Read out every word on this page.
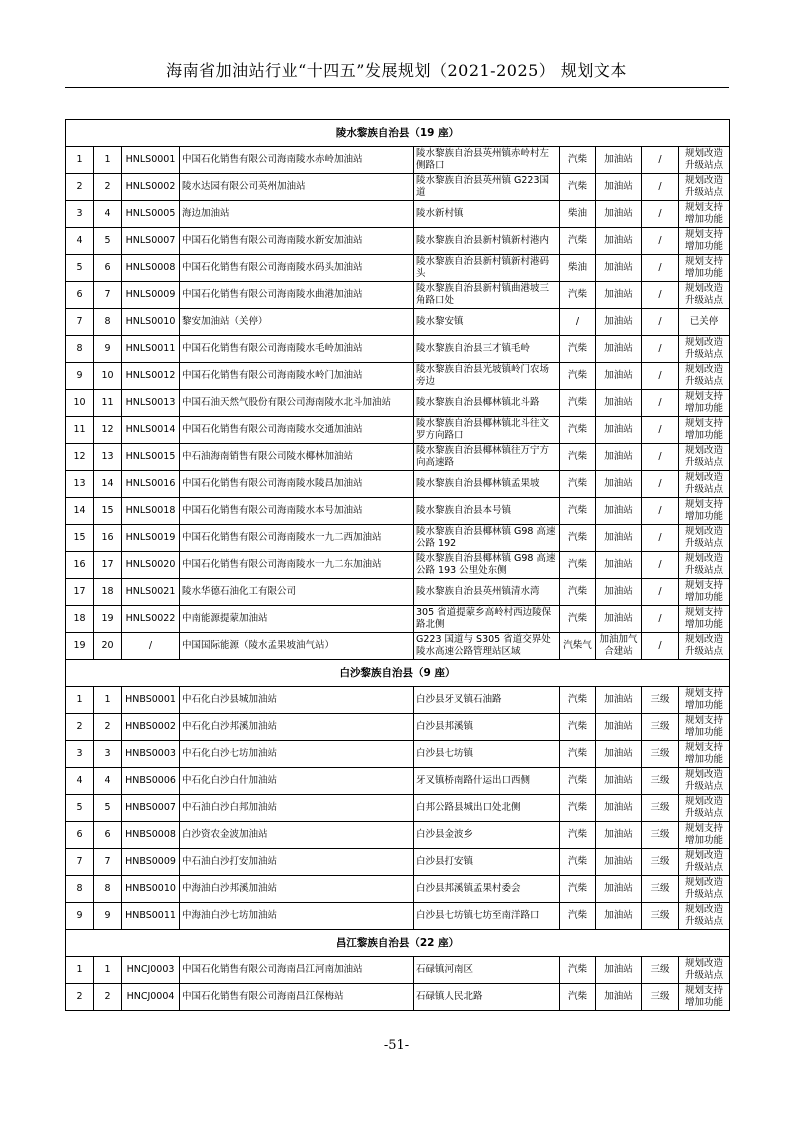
海南省加油站行业“十四五”发展规划（2021-2025） 规划文本
陵水黎族自治县（19 座）								
1	1	HNLS0001	中国石化销售有限公司海南陵水赤岭加油站	陵水黎族自治县英州镇赤岭村左侧路口	汽柴	加油站	/	规划改造升级站点
2	2	HNLS0002	陵水达园有限公司英州加油站	陵水黎族自治县英州镇 G223国道	汽柴	加油站	/	规划改造升级站点
3	4	HNLS0005	海边加油站	陵水新村镇	柴油	加油站	/	规划支持增加功能
4	5	HNLS0007	中国石化销售有限公司海南陵水新安加油站	陵水黎族自治县新村镇新村港内	汽柴	加油站	/	规划支持增加功能
5	6	HNLS0008	中国石化销售有限公司海南陵水码头加油站	陵水黎族自治县新村镇新村港码头	柴油	加油站	/	规划支持增加功能
6	7	HNLS0009	中国石化销售有限公司海南陵水曲港加油站	陵水黎族自治县新村镇曲港坡三角路口处	汽柴	加油站	/	规划改造升级站点
7	8	HNLS0010	黎安加油站（关停）	陵水黎安镇	/	加油站	/	已关停
8	9	HNLS0011	中国石化销售有限公司海南陵水毛岭加油站	陵水黎族自治县三才镇毛岭	汽柴	加油站	/	规划改造升级站点
9	10	HNLS0012	中国石化销售有限公司海南陵水岭门加油站	陵水黎族自治县光坡镇岭门农场旁边	汽柴	加油站	/	规划改造升级站点
10	11	HNLS0013	中国石油天然气股份有限公司海南陵水北斗加油站	陵水黎族自治县椰林镇北斗路	汽柴	加油站	/	规划支持增加功能
11	12	HNLS0014	中国石化销售有限公司海南陵水交通加油站	陵水黎族自治县椰林镇北斗往文罗方向路口	汽柴	加油站	/	规划支持增加功能
12	13	HNLS0015	中石油海南销售有限公司陵水椰林加油站	陵水黎族自治县椰林镇往万宁方向高速路	汽柴	加油站	/	规划改造升级站点
13	14	HNLS0016	中国石化销售有限公司海南陵水陵昌加油站	陵水黎族自治县椰林镇孟果坡	汽柴	加油站	/	规划改造升级站点
14	15	HNLS0018	中国石化销售有限公司海南陵水本号加油站	陵水黎族自治县本号镇	汽柴	加油站	/	规划支持增加功能
15	16	HNLS0019	中国石化销售有限公司海南陵水一九二西加油站	陵水黎族自治县椰林镇 G98 高速公路 192	汽柴	加油站	/	规划改造升级站点
16	17	HNLS0020	中国石化销售有限公司海南陵水一九二东加油站	陵水黎族自治县椰林镇 G98 高速公路 193 公里处东侧	汽柴	加油站	/	规划改造升级站点
17	18	HNLS0021	陵水华德石油化工有限公司	陵水黎族自治县英州镇清水湾	汽柴	加油站	/	规划支持增加功能
18	19	HNLS0022	中南能源提蒙加油站	305 省道提蒙乡高岭村西边陵保路北侧	汽柴	加油站	/	规划支持增加功能
19	20	/	中国国际能源（陵水孟果坡油气站）	G223 国道与 S305 省道交界处陵水高速公路管理站区域	汽柴气	加油加气合建站	/	规划改造升级站点
白沙黎族自治县（9 座）								
1	1	HNBS0001	中石化白沙县城加油站	白沙县牙叉镇石油路	汽柴	加油站	三级	规划支持增加功能
2	2	HNBS0002	中石化白沙邦溪加油站	白沙县邦溪镇	汽柴	加油站	三级	规划支持增加功能
3	3	HNBS0003	中石化白沙七坊加油站	白沙县七坊镇	汽柴	加油站	三级	规划支持增加功能
4	4	HNBS0006	中石化白沙白什加油站	牙叉镇桥南路什运出口西侧	汽柴	加油站	三级	规划改造升级站点
5	5	HNBS0007	中石油白沙白邦加油站	白邦公路县城出口处北侧	汽柴	加油站	三级	规划改造升级站点
6	6	HNBS0008	白沙资农金波加油站	白沙县金波乡	汽柴	加油站	三级	规划支持增加功能
7	7	HNBS0009	中石油白沙打安加油站	白沙县打安镇	汽柴	加油站	三级	规划改造升级站点
8	8	HNBS0010	中海油白沙邦溪加油站	白沙县邦溪镇孟果村委会	汽柴	加油站	三级	规划改造升级站点
9	9	HNBS0011	中海油白沙七坊加油站	白沙县七坊镇七坊至南洋路口	汽柴	加油站	三级	规划改造升级站点
昌江黎族自治县（22 座）								
1	1	HNCJ0003	中国石化销售有限公司海南昌江河南加油站	石碌镇河南区	汽柴	加油站	三级	规划改造升级站点
2	2	HNCJ0004	中国石化销售有限公司海南昌江保梅站	石碌镇人民北路	汽柴	加油站	三级	规划支持增加功能
-51-
